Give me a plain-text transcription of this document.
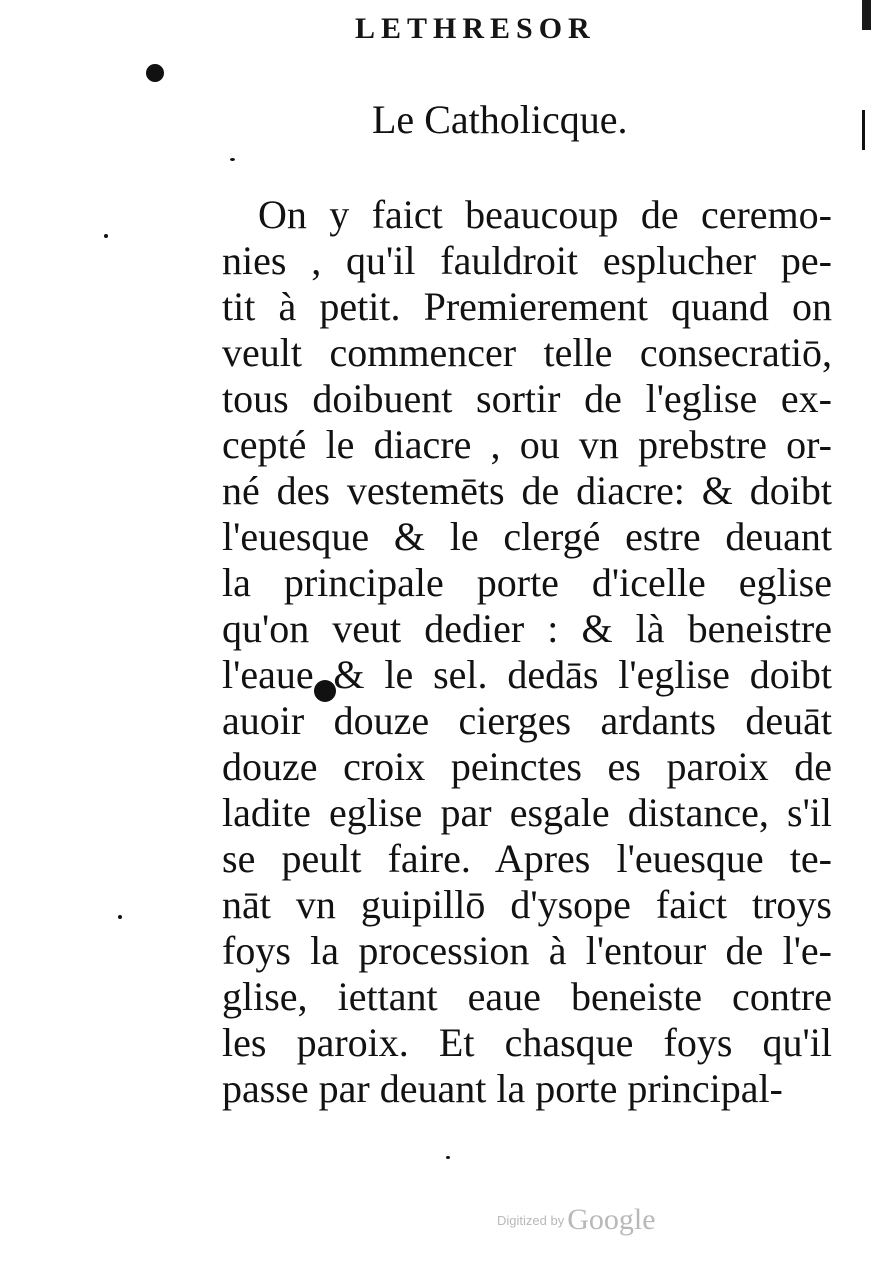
LETHRESOR
Le Catholicque.
On y faict beaucoup de ceremo-
nies , qu'il fauldroit esplucher pe-
tit à petit. Premierement quand on
veult commencer telle consecratiō,
tous doibuent sortir de l'eglise ex-
cepté le diacre , ou vn prebstre or-
né des vestemēts de diacre: & doibt
l'euesque & le clergé estre deuant
la principale porte d'icelle eglise
qu'on veut dedier : & là beneistre
l'eaue & le sel. dedās l'eglise doibt
auoir douze cierges ardants deuāt
douze croix peinctes es paroix de
ladite eglise par esgale distance, s'il
se peult faire. Apres l'euesque te-
nāt vn guipillō d'ysope faict troys
foys la procession à l'entour de l'e-
glise, iettant eaue beneiste contre
les paroix. Et chasque foys qu'il
passe par deuant la porte principal-
$^{Digitized by}$ Google
